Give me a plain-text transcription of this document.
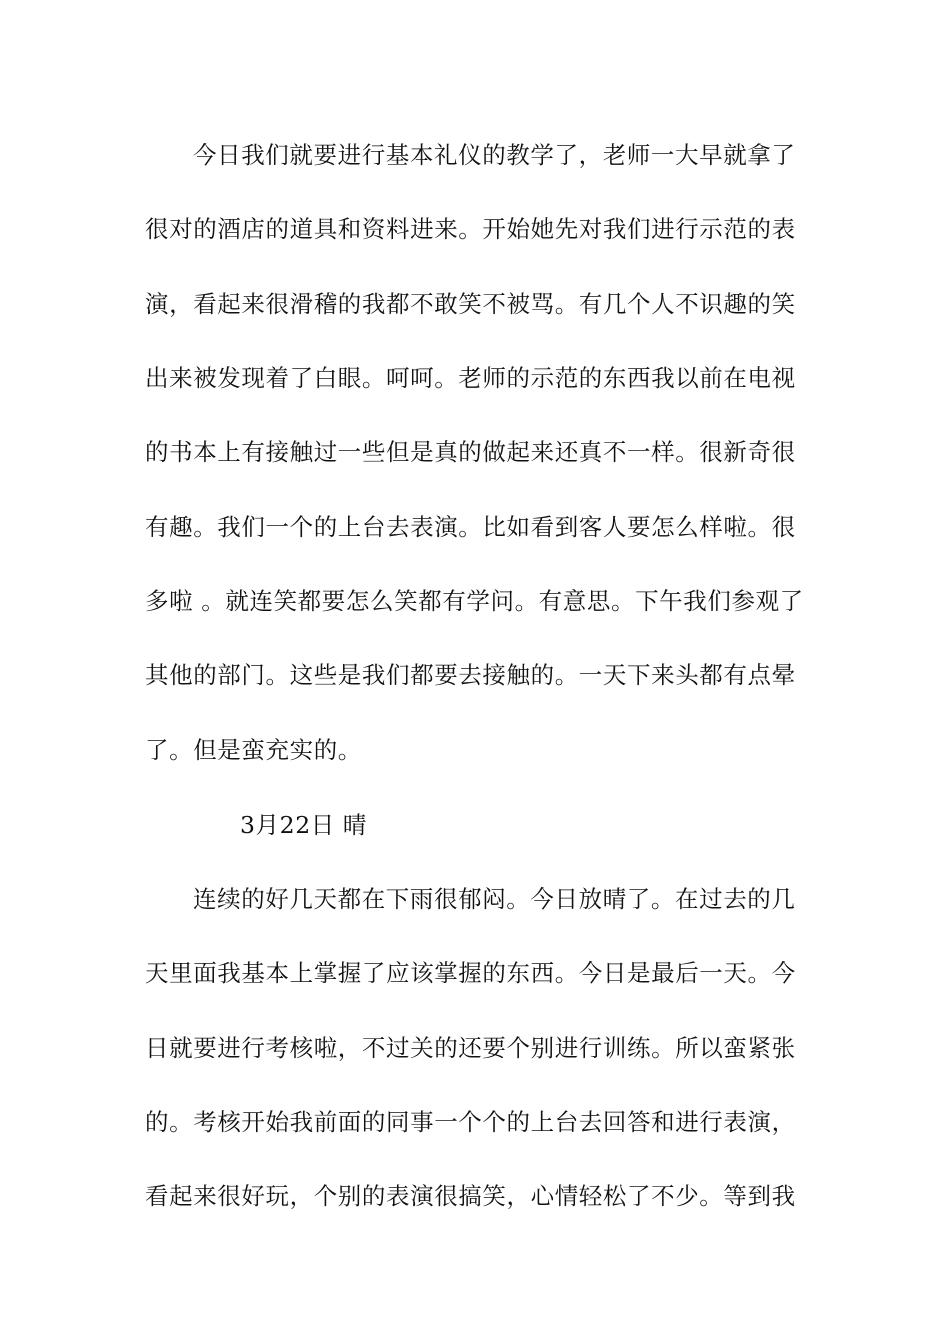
今日我们就要进行基本礼仪的教学了，老师一大早就拿了
很对的酒店的道具和资料进来。开始她先对我们进行示范的表
演，看起来很滑稽的我都不敢笑不被骂。有几个人不识趣的笑
出来被发现着了白眼。呵呵。老师的示范的东西我以前在电视
的书本上有接触过一些但是真的做起来还真不一样。很新奇很
有趣。我们一个的上台去表演。比如看到客人要怎么样啦。很
多啦 。就连笑都要怎么笑都有学问。有意思。下午我们参观了
其他的部门。这些是我们都要去接触的。一天下来头都有点晕
了。但是蛮充实的。
3月22日 晴
连续的好几天都在下雨很郁闷。今日放晴了。在过去的几
天里面我基本上掌握了应该掌握的东西。今日是最后一天。今
日就要进行考核啦，不过关的还要个别进行训练。所以蛮紧张
的。考核开始我前面的同事一个个的上台去回答和进行表演，
看起来很好玩，个别的表演很搞笑，心情轻松了不少。等到我
